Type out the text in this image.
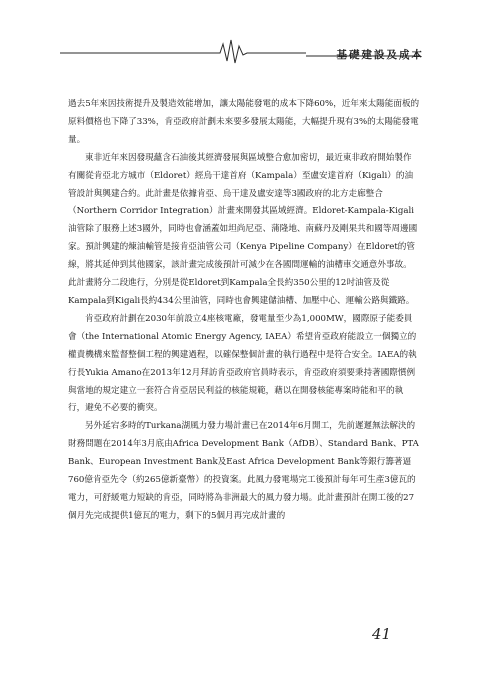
基礎建設及成本

過去5年來因技術提升及製造效能增加，讓太陽能發電的成本下降60%，近年來太陽能面板的原料價格也下降了33%，肯亞政府計劃未來要多發展太陽能，大幅提升現有3%的太陽能發電量。

東非近年來因發現蘊含石油後其經濟發展與區域整合愈加密切，最近東非政府開始製作有關從肯亞北方城市（Eldoret）經烏干達首府（Kampala）至盧安達首府（Kigali）的油管設計與興建合約。此計畫是依據肯亞、烏干達及盧安達等3國政府的北方走廊整合（Northern Corridor Integration）計畫來開發其區域經濟。Eldoret-Kampala-Kigali油管除了服務上述3國外，同時也會涵蓋如坦尚尼亞、蒲隆地、南蘇丹及剛果共和國等周邊國家。預計興建的煉油輸管是接肯亞油管公司（Kenya Pipeline Company）在Eldoret的管線，將其延伸到其他國家，該計畫完成後預計可減少在各國間運輸的油槽車交通意外事故。此計畫將分二段進行，分別是從Eldoret到Kampala全長約350公里的12吋油管及從Kampala到Kigali長約434公里油管，同時也會興建儲油槽、加壓中心、運輸公路與鐵路。

肯亞政府計劃在2030年前設立4座核電廠，發電量至少為1,000MW，國際原子能委員會（the International Atomic Energy Agency, IAEA）希望肯亞政府能設立一個獨立的權責機構來監督整個工程的興建過程，以確保整個計畫的執行過程中是符合安全。IAEA的執行長Yukia Amano在2013年12月拜訪肯亞政府官員時表示，肯亞政府須要秉持著國際慣例與當地的規定建立一套符合肯亞居民利益的核能規範，藉以在開發核能專案時能和平的執行，避免不必要的衝突。

另外延宕多時的Turkana湖風力發力場計畫已在2014年6月開工，先前遲遲無法解決的財務問題在2014年3月底由Africa Development Bank（AfDB）、Standard Bank、PTA Bank、European Investment Bank及East Africa Development Bank等銀行籌著逼760億肯亞先令（約265億新臺幣）的投資案。此風力發電場完工後預計每年可生產3億瓦的電力，可舒緩電力短缺的肯亞，同時將為非洲最大的風力發力場。此計畫預計在開工後的27個月先完成提供1億瓦的電力，剩下的5個月再完成計畫的

41
